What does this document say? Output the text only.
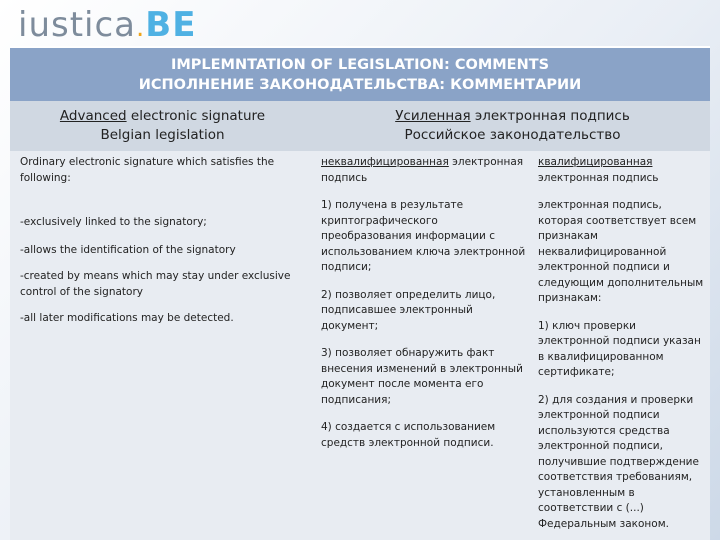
iustica.BE
IMPLEMNTATION OF LEGISLATION: COMMENTS
ИСПОЛНЕНИЕ ЗАКОНОДАТЕЛЬСТВА: КОММЕНТАРИИ
Advanced electronic signature
Belgian legislation
Усиленная электронная подпись
Российское законодательство

Ordinary electronic signature which satisfies the following:

-exclusively linked to the signatory;

-allows the identification of the signatory

-created by means which may stay under exclusive control of the signatory

-all later modifications may be detected.

неквалифицированная электронная подпись

1) получена в результате криптографического преобразования информации с использованием ключа электронной подписи;

2) позволяет определить лицо, подписавшее электронный документ;

3) позволяет обнаружить факт внесения изменений в электронный документ после момента его подписания;

4) создается с использованием средств электронной подписи.

квалифицированная электронная подпись

электронная подпись, которая соответствует всем признакам неквалифицированной электронной подписи и следующим дополнительным признакам:

1) ключ проверки электронной подписи указан в квалифицированном сертификате;

2) для создания и проверки электронной подписи используются средства электронной подписи, получившие подтверждение соответствия требованиям, установленным в соответствии с (...) Федеральным законом.
